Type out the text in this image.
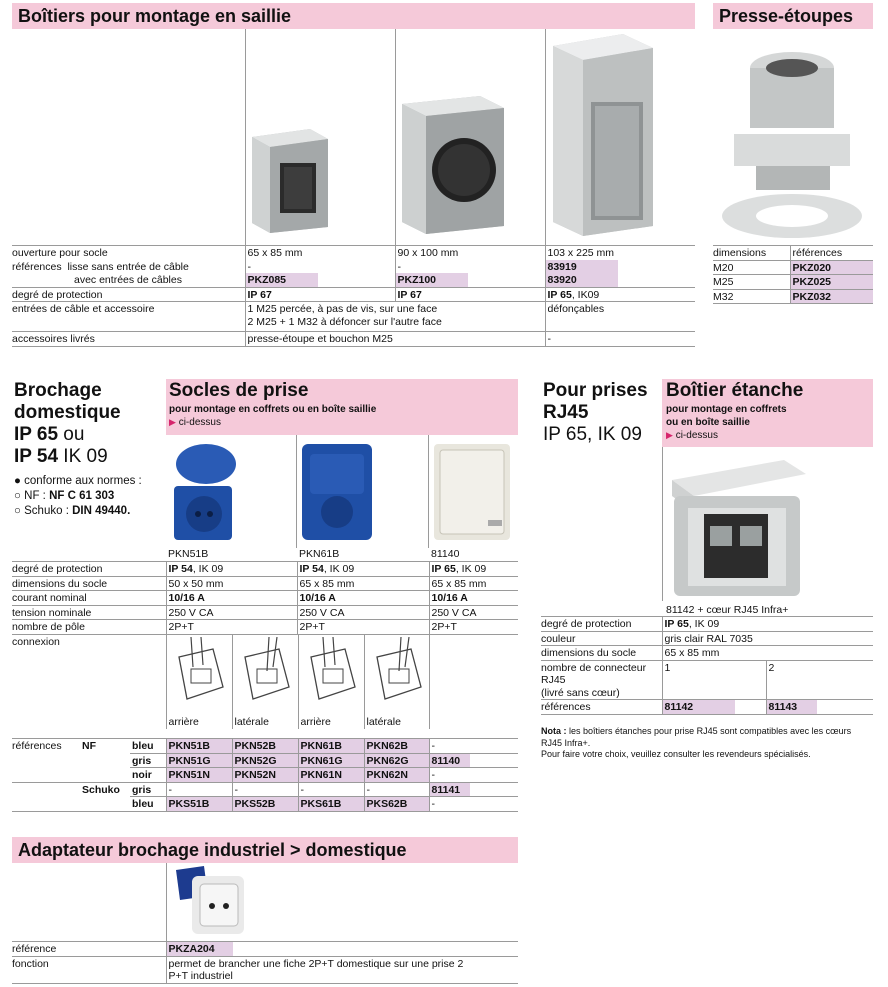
Boîtiers pour montage en saillie
ouverture pour socle	65 x 85 mm	90 x 100 mm	103 x 225 mm
références lisse sans entrée de câble	-	-	83919

avec entrées de câbles	PKZ085	PKZ100	83920

degré de protection	IP 67	IP 67	IP 65, IK09
entrées de câble et accessoire	1 M25 percée, à pas de vis, sur une face
2 M25 + 1 M32 à défoncer sur l'autre face		défonçables
accessoires livrés	presse-étoupe et bouchon M25		-
Presse-étoupes
dimensions	références
M20	PKZ020

M25	PKZ025

M32	PKZ032
Brochage
domestique
IP 65 ou
IP 54 IK 09
● conforme aux normes :
○ NF : NF C 61 303
○ Schuko : DIN 49440.
Socles de prise
pour montage en coffrets ou en boîte saillie
▶ ci-dessus
PKN51B	PKN61B	81140
degré de protection	IP 54, IK 09	IP 54, IK 09	IP 65, IK 09
dimensions du socle	50 x 50 mm	65 x 85 mm	65 x 85 mm
courant nominal	10/16 A	10/16 A	10/16 A
tension nominale	250 V CA	250 V CA	250 V CA
nombre de pôle	2P+T	2P+T	2P+T
connexion	arrière latérale arrière latérale		

références	NF	bleu	PKN51B	PKN52B	PKN61B	PKN62B	-
		gris	PKN51G	PKN52G	PKN61G	PKN62G	81140

		noir	PKN51N	PKN52N	PKN61N	PKN62N	-
	Schuko	gris	-	-	-	-	81141

		bleu	PKS51B	PKS52B	PKS61B	PKS62B	-
Pour prises
RJ45
IP 65, IK 09
Boîtier étanche
pour montage en coffrets
ou en boîte saillie
▶ ci-dessus
81142 + cœur RJ45 Infra+
degré de protection	IP 65, IK 09	
couleur	gris clair RAL 7035	
dimensions du socle	65 x 85 mm	

nombre de connecteur
RJ45
(livré sans cœur)	1	2
références	81142	81143
Nota : les boîtiers étanches pour prise RJ45 sont compatibles avec les cœurs RJ45 Infra+.
Pour faire votre choix, veuillez consulter les revendeurs spécialisés.
Adaptateur brochage industriel > domestique
référence	PKZA204

fonction	permet de brancher une fiche 2P+T domestique sur une prise 2
P+T industriel
